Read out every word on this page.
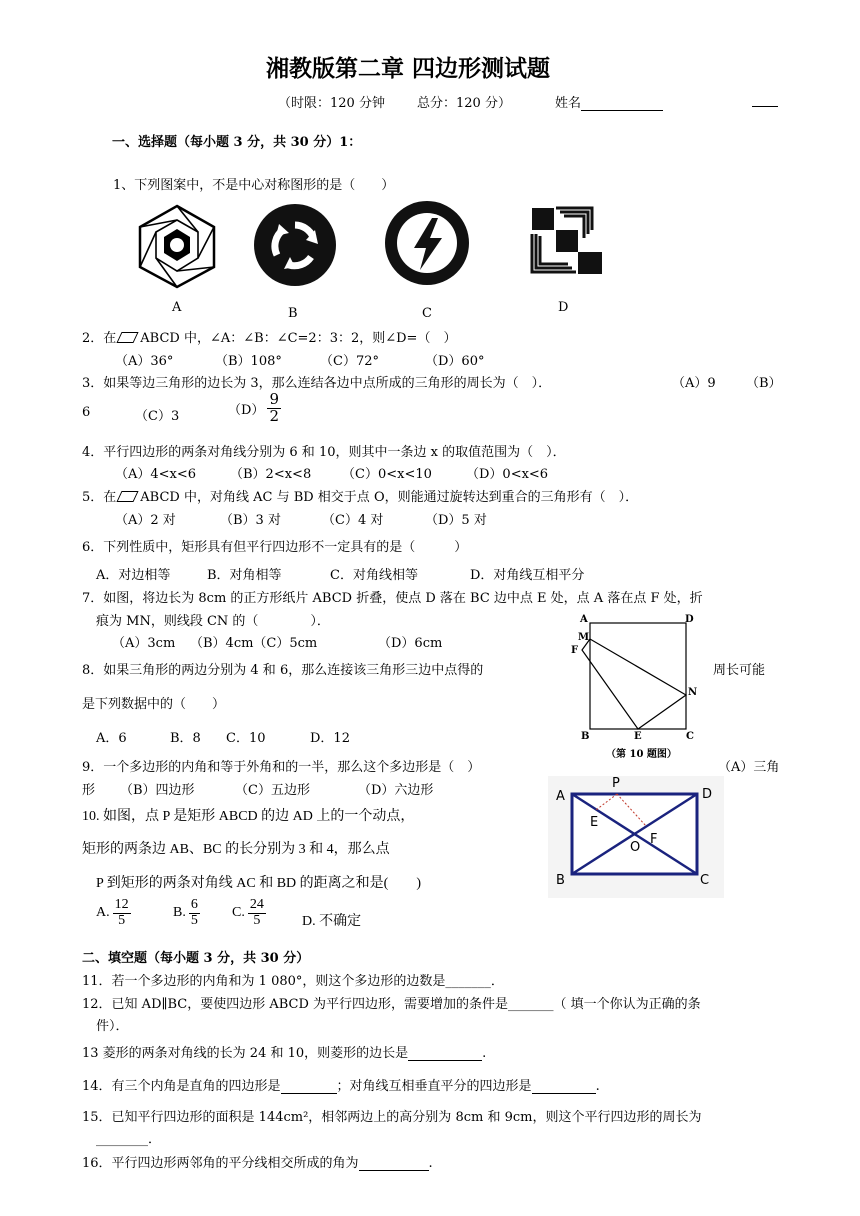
湘教版第二章 四边形测试题
（时限：120 分钟 总分：120 分）	姓名
一、选择题（每小题 3 分，共 30 分）1：
1、下列图案中，不是中心对称图形的是（　　）
A	B	C	D
2．在 ABCD 中，∠A：∠B：∠C=2：3：2，则∠D=（　）
（A）36°	（B）108°	（C）72°	（D）60°
3．如果等边三角形的边长为 3，那么连结各边中点所成的三角形的周长为（　）．	（A）9 （B）
6	（C）3	$(D) \frac{9}{2}$
4．平行四边形的两条对角线分别为 6 和 10，则其中一条边 x 的取值范围为（　）．
（A）4<x<6	（B）2<x<8 （C）0<x<10	（D）0<x<6
5．在 ABCD 中，对角线 AC 与 BD 相交于点 O，则能通过旋转达到重合的三角形有（　）．
（A）2 对	（B）3 对	（C）4 对	（D）5 对
6．下列性质中，矩形具有但平行四边形不一定具有的是（　　　）
A．对边相等	B．对角相等	C．对角线相等	D．对角线互相平分
7．如图，将边长为 8cm 的正方形纸片 ABCD 折叠，使点 D 落在 BC 边中点 E 处，点 A 落在点 F 处，折
痕为 MN，则线段 CN 的（　　　　）．
（A）3cm （B）4cm（C）5cm	（D）6cm
A
M
F
D
N
B	E	C
（第 10 题图）
8．如果三角形的两边分别为 4 和 6，那么连接该三角形三边中点得的	周长可能
是下列数据中的（　　）
A．6	B．8 C．10	D．12
9．一个多边形的内角和等于外角和的一半，那么这个多边形是（　）	（A）三角
形 （B）四边形	（C）五边形	（D）六边形	P
A	D
E
F
O
B	C
10. 如图，点 P 是矩形 ABCD 的边 AD 上的一个动点，
矩形的两条边 AB、BC 的长分别为 3 和 4，那么点
P 到矩形的两条对角线 AC 和 BD 的距离之和是(　　)
A. $\frac{12}{5}$	B. $\frac{6}{5} C$. $\frac{24}{5}$	D. 不确定
二、填空题（每小题 3 分，共 30 分）
11．若一个多边形的内角和为 1 080°，则这个多边形的边数是_______．
12．已知 AD∥BC，要使四边形 ABCD 为平行四边形，需要增加的条件是_______（ 填一个你认为正确的条
件）．
13 菱形的两条对角线的长为 24 和 10，则菱形的边长是	.
14．有三个内角是直角的四边形是	；对角线互相垂直平分的四边形是	.
15．已知平行四边形的面积是 144cm²，相邻两边上的高分别为 8cm 和 9cm，则这个平行四边形的周长为
________．
16．平行四边形两邻角的平分线相交所成的角为	.
